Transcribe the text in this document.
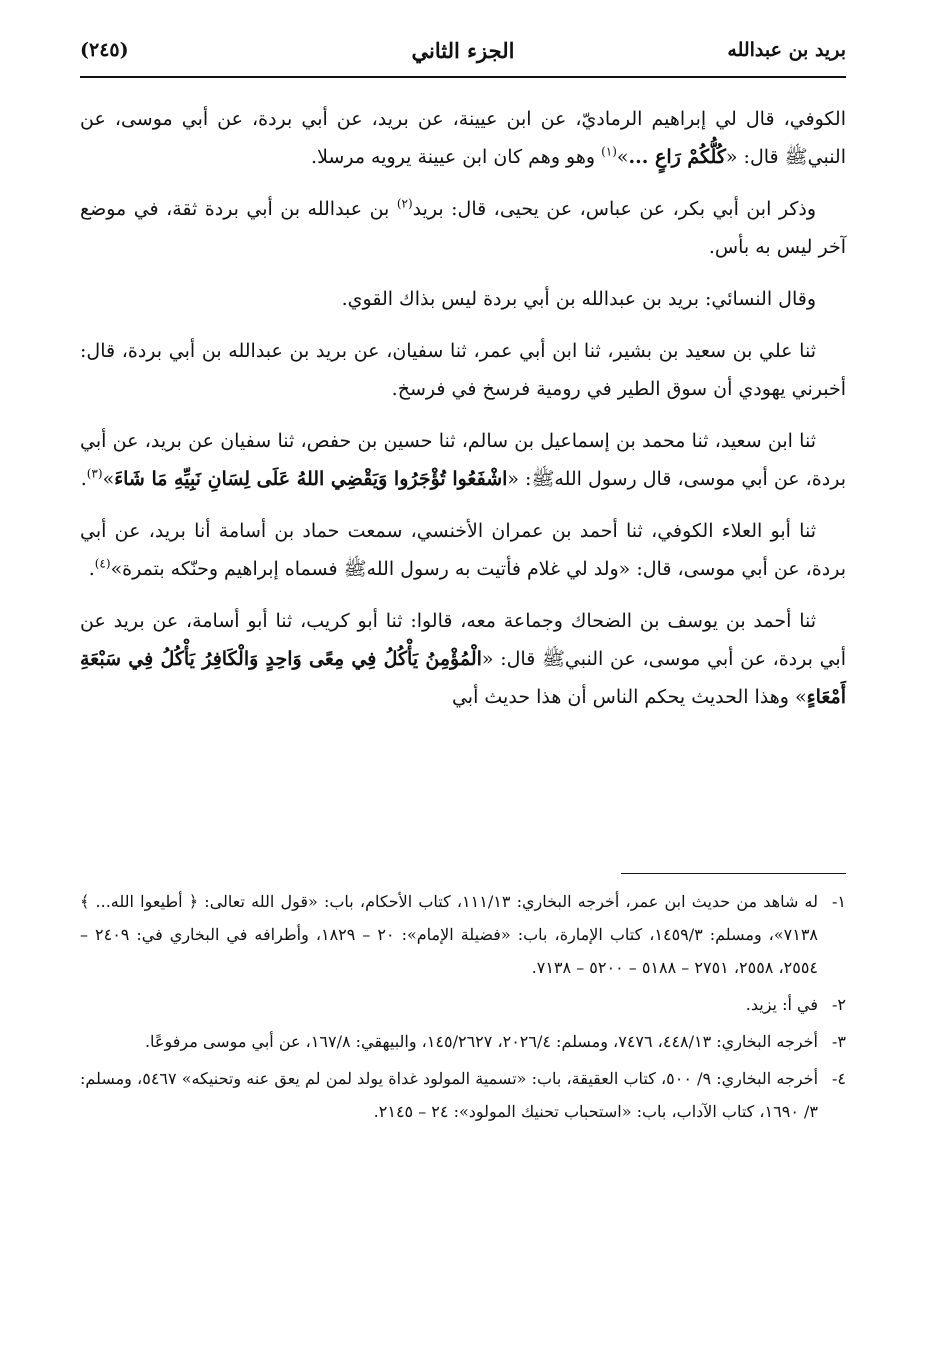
بريد بن عبدالله
الجزء الثاني
(٢٤٥)

الكوفي، قال لي إبراهيم الرماديّ، عن ابن عيينة، عن بريد، عن أبي بردة، عن أبي موسى، عن النبيﷺ قال: «كُلُّكُمْ رَاعٍ ...»$^{(١)}$ وهو وهم كان ابن عيينة يرويه مرسلا.

وذكر ابن أبي بكر، عن عباس، عن يحيى، قال: بريد$^{(٢)}$ بن عبدالله بن أبي بردة ثقة، في موضع آخر ليس به بأس.

وقال النسائي: بريد بن عبدالله بن أبي بردة ليس بذاك القوي.

ثنا علي بن سعيد بن بشير، ثنا ابن أبي عمر، ثنا سفيان، عن بريد بن عبدالله بن أبي بردة، قال: أخبرني يهودي أن سوق الطير في رومية فرسخ في فرسخ.

ثنا ابن سعيد، ثنا محمد بن إسماعيل بن سالم، ثنا حسين بن حفص، ثنا سفيان عن بريد، عن أبي بردة، عن أبي موسى، قال رسول اللهﷺ: «اشْفَعُوا تُؤْجَرُوا وَيَقْضِي اللهُ عَلَى لِسَانِ نَبِيِّهِ مَا شَاءَ»$^{(٣)}$.

ثنا أبو العلاء الكوفي، ثنا أحمد بن عمران الأخنسي، سمعت حماد بن أسامة أنا بريد، عن أبي بردة، عن أبي موسى، قال: «ولد لي غلام فأتيت به رسول اللهﷺ فسماه إبراهيم وحنّكه بتمرة»$^{(٤)}$.

ثنا أحمد بن يوسف بن الضحاك وجماعة معه، قالوا: ثنا أبو كريب، ثنا أبو أسامة، عن بريد عن أبي بردة، عن أبي موسى، عن النبيﷺ قال: «الْمُؤْمِنُ يَأْكُلُ فِي مِعًى وَاحِدٍ وَالْكَافِرُ يَأْكُلُ فِي سَبْعَةِ أَمْعَاءٍ» وهذا الحديث يحكم الناس أن هذا حديث أبي

١-
له شاهد من حديث ابن عمر، أخرجه البخاري: ١١١/١٣، كتاب الأحكام، باب: «قول الله تعالى: ﴿ أطيعوا الله... ﴾ ٧١٣٨»، ومسلم: ١٤٥٩/٣، كتاب الإمارة، باب: «فضيلة الإمام»: ٢٠ – ١٨٢٩، وأطرافه في البخاري في: ٢٤٠٩ – ٢٥٥٤، ٢٥٥٨، ٢٧٥١ – ٥١٨٨ – ٥٢٠٠ – ٧١٣٨.
٢-
في أ: يزيد.
٣-
أخرجه البخاري: ٤٤٨/١٣، ٧٤٧٦، ومسلم: ٢٠٢٦/٤، ١٤٥/٢٦٢٧، والبيهقي: ١٦٧/٨، عن أبي موسى مرفوعًا.
٤-
أخرجه البخاري: ٩/ ٥٠٠، كتاب العقيقة، باب: «تسمية المولود غداة يولد لمن لم يعق عنه وتحنيكه» ٥٤٦٧، ومسلم: ٣/ ١٦٩٠، كتاب الآداب، باب: «استحباب تحنيك المولود»: ٢٤ – ٢١٤٥.
